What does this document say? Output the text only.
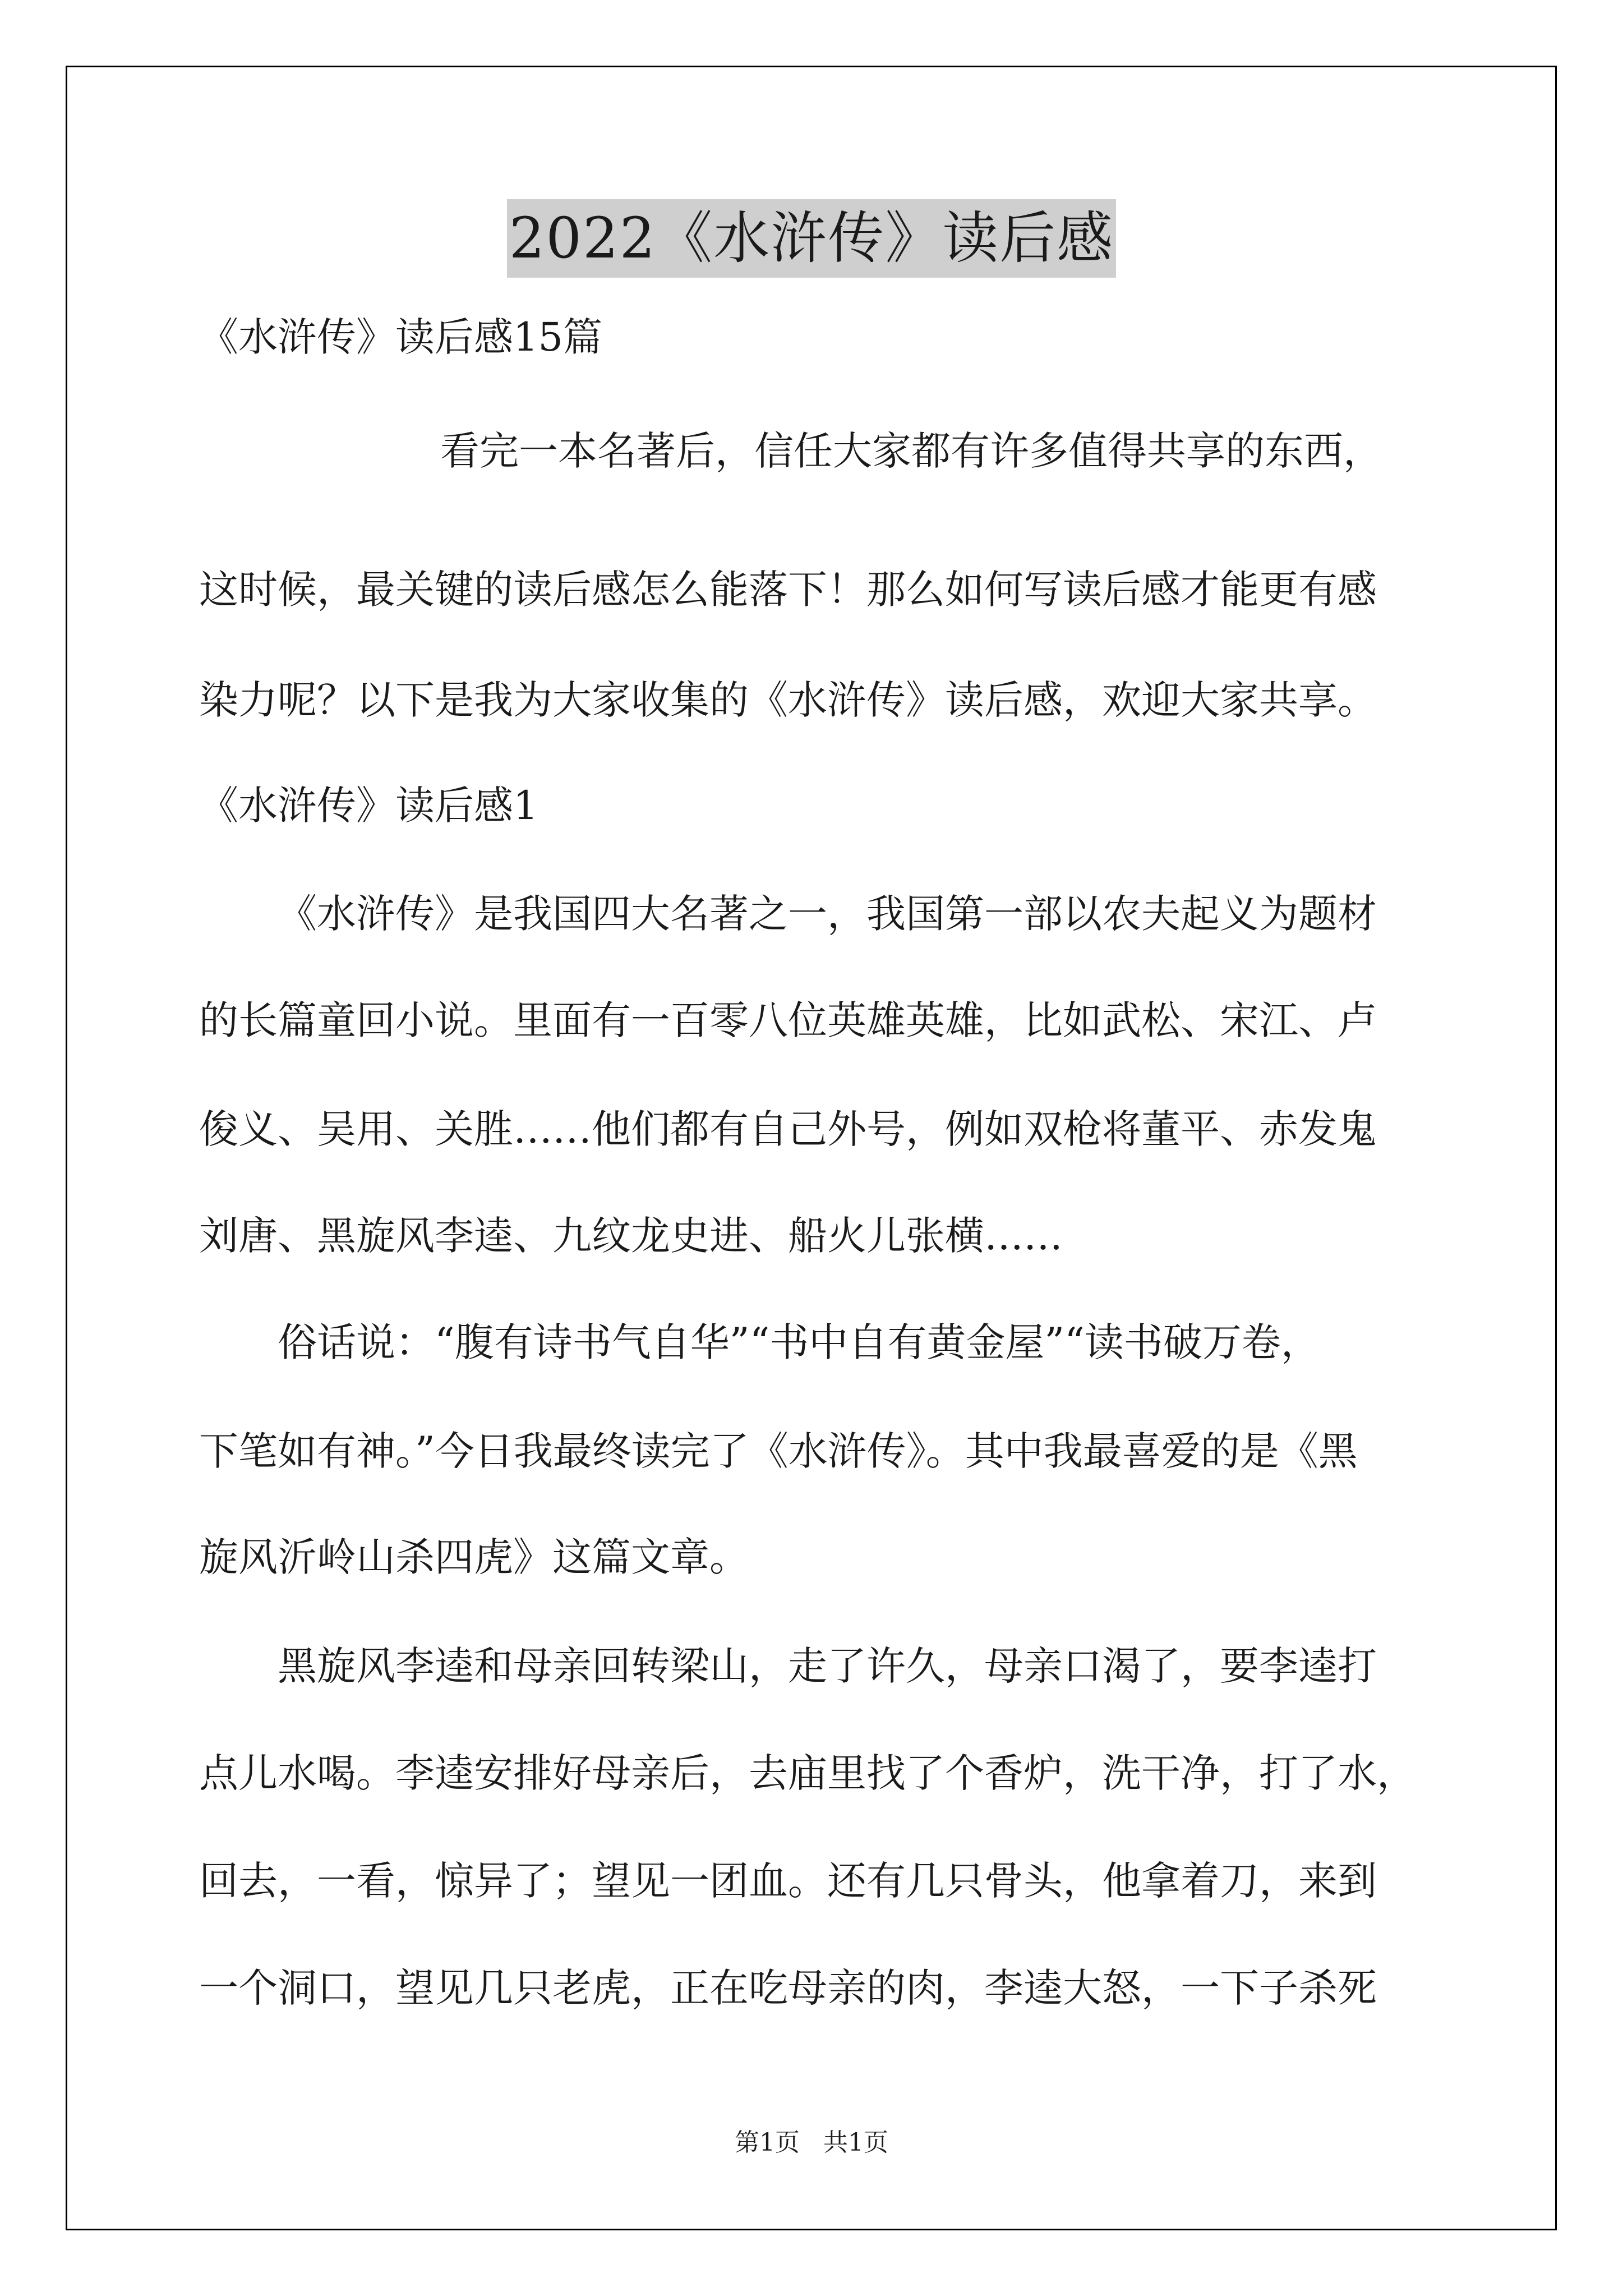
2022《水浒传》读后感
《水浒传》读后感15篇
看完一本名著后，信任大家都有许多值得共享的东西，
这时候，最关键的读后感怎么能落下！那么如何写读后感才能更有感
染力呢？以下是我为大家收集的《水浒传》读后感，欢迎大家共享。
《水浒传》读后感1
《水浒传》是我国四大名著之一，我国第一部以农夫起义为题材
的长篇童回小说。里面有一百零八位英雄英雄，比如武松、宋江、卢
俊义、吴用、关胜……他们都有自己外号，例如双枪将董平、赤发鬼
刘唐、黑旋风李逵、九纹龙史进、船火儿张横……
俗话说：“腹有诗书气自华”“书中自有黄金屋”“读书破万卷，
下笔如有神。”今日我最终读完了《水浒传》。其中我最喜爱的是《黑
旋风沂岭山杀四虎》这篇文章。
黑旋风李逵和母亲回转梁山，走了许久，母亲口渴了，要李逵打
点儿水喝。李逵安排好母亲后，去庙里找了个香炉，洗干净，打了水，
回去，一看，惊异了；望见一团血。还有几只骨头，他拿着刀，来到
一个洞口，望见几只老虎，正在吃母亲的肉，李逵大怒，一下子杀死
第1页   共1页
